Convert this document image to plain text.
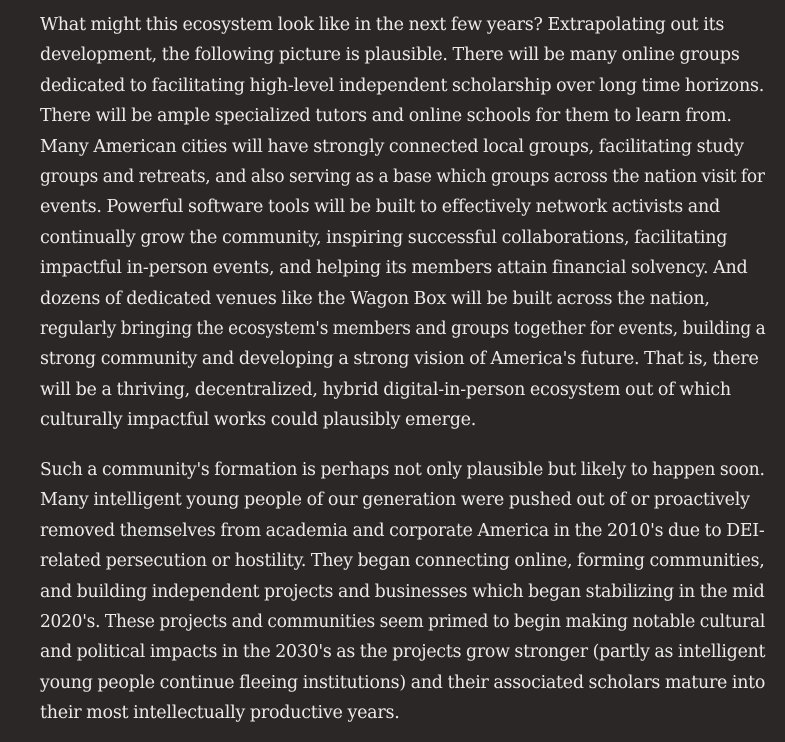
What might this ecosystem look like in the next few years? Extrapolating out its
development, the following picture is plausible. There will be many online groups
dedicated to facilitating high-level independent scholarship over long time horizons.
There will be ample specialized tutors and online schools for them to learn from.
Many American cities will have strongly connected local groups, facilitating study
groups and retreats, and also serving as a base which groups across the nation visit for
events. Powerful software tools will be built to effectively network activists and
continually grow the community, inspiring successful collaborations, facilitating
impactful in-person events, and helping its members attain financial solvency. And
dozens of dedicated venues like the Wagon Box will be built across the nation,
regularly bringing the ecosystem's members and groups together for events, building a
strong community and developing a strong vision of America's future. That is, there
will be a thriving, decentralized, hybrid digital-in-person ecosystem out of which
culturally impactful works could plausibly emerge.

Such a community's formation is perhaps not only plausible but likely to happen soon.
Many intelligent young people of our generation were pushed out of or proactively
removed themselves from academia and corporate America in the 2010's due to DEI-
related persecution or hostility. They began connecting online, forming communities,
and building independent projects and businesses which began stabilizing in the mid
2020's. These projects and communities seem primed to begin making notable cultural
and political impacts in the 2030's as the projects grow stronger (partly as intelligent
young people continue fleeing institutions) and their associated scholars mature into
their most intellectually productive years.
